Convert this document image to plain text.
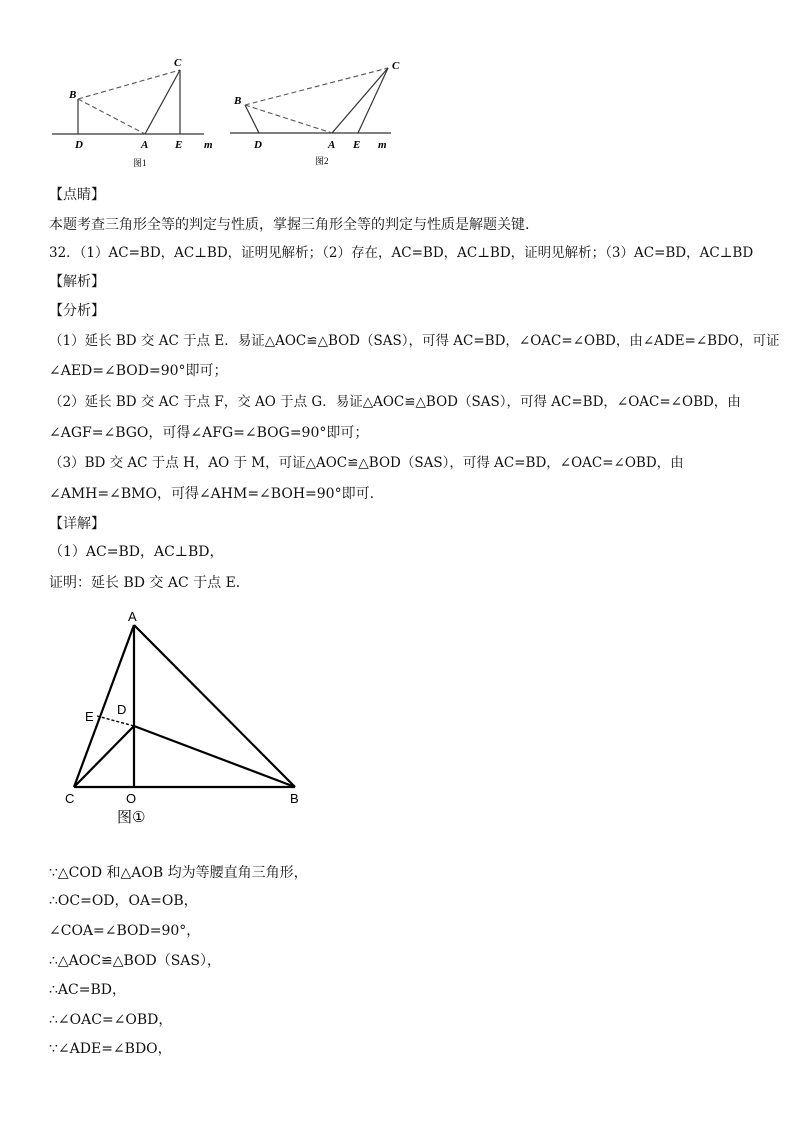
B
C
D	A E m
图1
B
C
D	A E m
图2
【点睛】
本题考查三角形全等的判定与性质，掌握三角形全等的判定与性质是解题关键.
32．（1）AC=BD，AC⊥BD，证明见解析；（2）存在，AC=BD，AC⊥BD，证明见解析；（3）AC=BD，AC⊥BD
【解析】
【分析】
（1）延长 BD 交 AC 于点 E．易证△AOC≌△BOD（SAS），可得 AC=BD，∠OAC=∠OBD，由∠ADE=∠BDO，可证
∠AED=∠BOD=90°即可；
（2）延长 BD 交 AC 于点 F，交 AO 于点 G．易证△AOC≌△BOD（SAS），可得 AC=BD，∠OAC=∠OBD，由
∠AGF=∠BGO，可得∠AFG=∠BOG=90°即可；
（3）BD 交 AC 于点 H，AO 于 M，可证△AOC≌△BOD（SAS），可得 AC=BD，∠OAC=∠OBD，由
∠AMH=∠BMO，可得∠AHM=∠BOH=90°即可.
【详解】
（1）AC=BD，AC⊥BD，
证明：延长 BD 交 AC 于点 E.
A
E D
C	O	B
图①
∵△COD 和△AOB 均为等腰直角三角形，
∴OC=OD，OA=OB，
∠COA=∠BOD=90°，
∴△AOC≌△BOD（SAS），
∴AC=BD，
∴∠OAC=∠OBD，
∵∠ADE=∠BDO，
